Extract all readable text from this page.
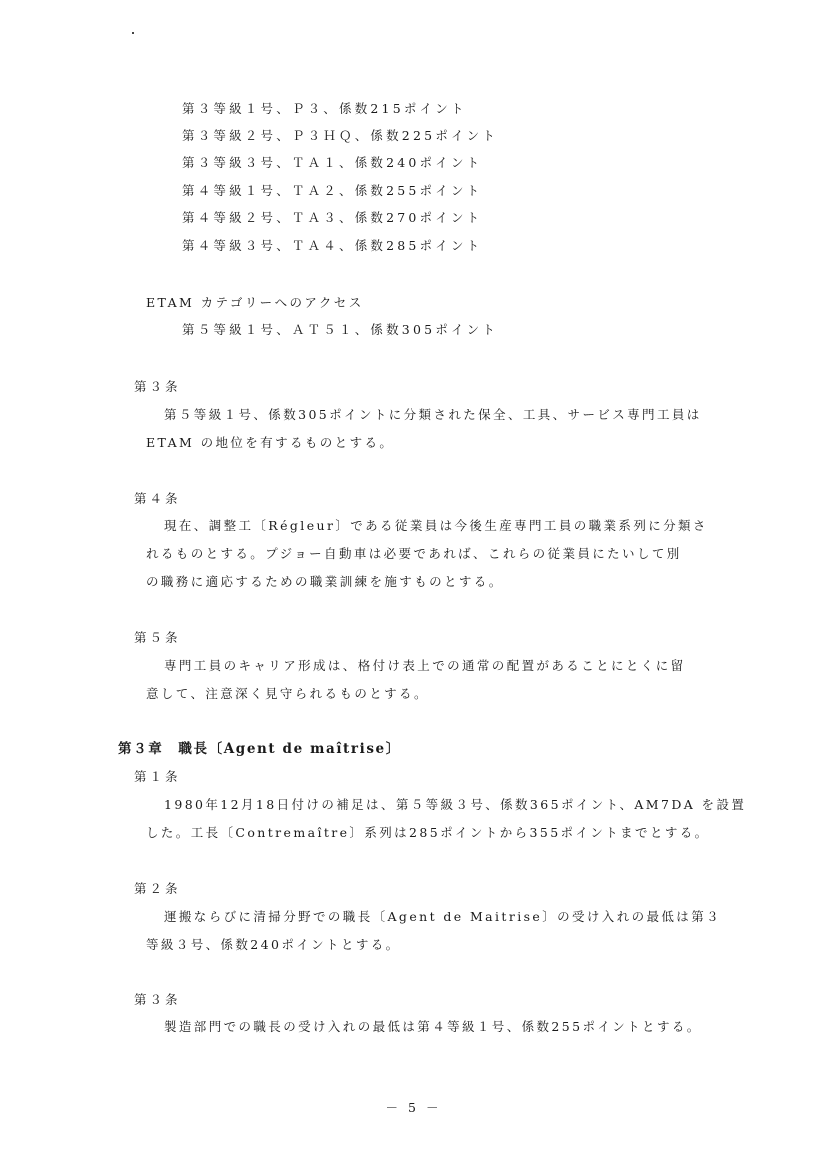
第３等級１号、Ｐ３、係数215ポイント
第３等級２号、Ｐ３ＨＱ、係数225ポイント
第３等級３号、ＴＡ１、係数240ポイント
第４等級１号、ＴＡ２、係数255ポイント
第４等級２号、ＴＡ３、係数270ポイント
第４等級３号、ＴＡ４、係数285ポイント
ETAM カテゴリーへのアクセス
第５等級１号、ＡＴ５１、係数305ポイント
第３条
第５等級１号、係数305ポイントに分類された保全、工具、サービス専門工員は
ETAM の地位を有するものとする。
第４条
現在、調整工〔Régleur〕である従業員は今後生産専門工員の職業系列に分類さ
れるものとする。プジョー自動車は必要であれば、これらの従業員にたいして別
の職務に適応するための職業訓練を施すものとする。
第５条
専門工員のキャリア形成は、格付け表上での通常の配置があることにとくに留
意して、注意深く見守られるものとする。
第３章　職長〔Agent de maîtrise〕
第１条
1980年12月18日付けの補足は、第５等級３号、係数365ポイント、AM7DA を設置
した。工長〔Contremaître〕系列は285ポイントから355ポイントまでとする。
第２条
運搬ならびに清掃分野での職長〔Agent de Maitrise〕の受け入れの最低は第３
等級３号、係数240ポイントとする。
第３条
製造部門での職長の受け入れの最低は第４等級１号、係数255ポイントとする。
－ 5 －
